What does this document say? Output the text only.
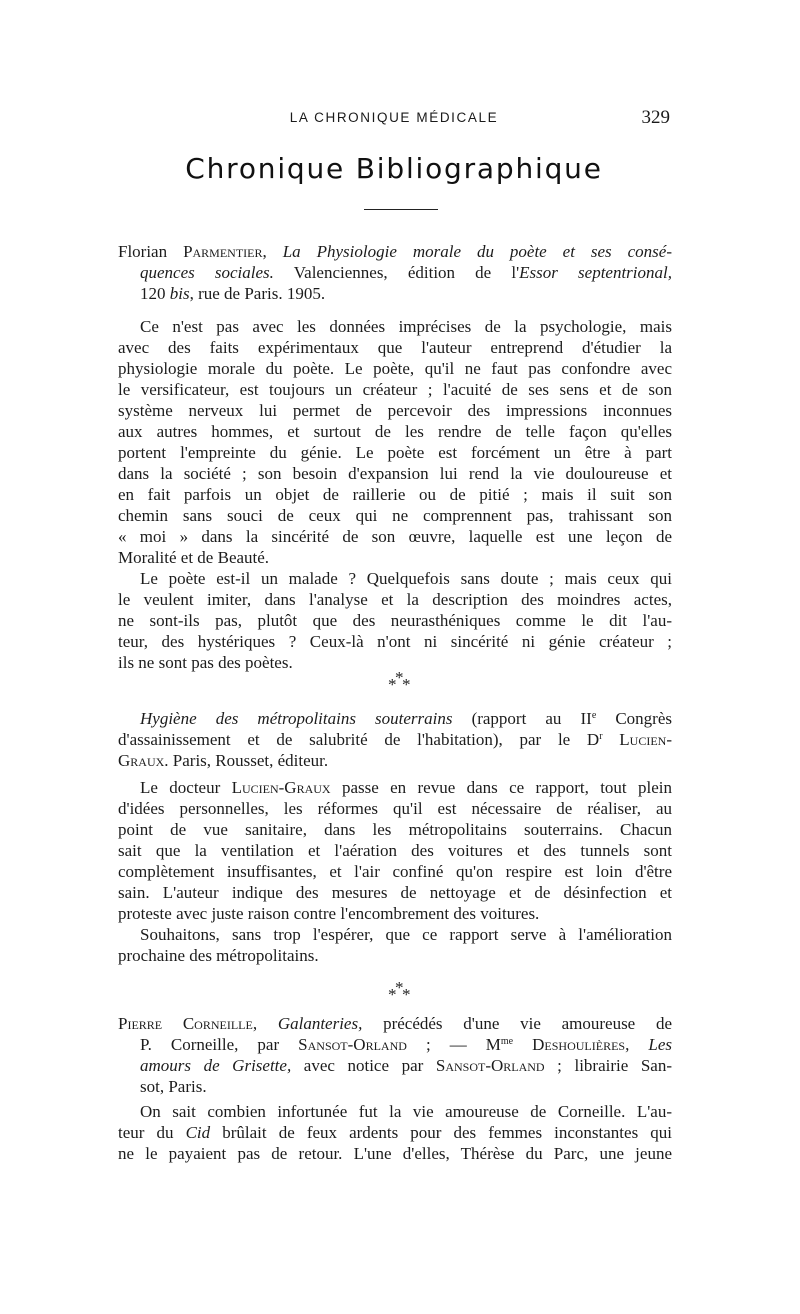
LA CHRONIQUE MÉDICALE	329
Chronique Bibliographique
Florian Parmentier, La Physiologie morale du poète et ses consé-
quences sociales. Valenciennes, édition de l'Essor septentrional,
120 bis, rue de Paris. 1905.
Ce n'est pas avec les données imprécises de la psychologie, mais
avec des faits expérimentaux que l'auteur entreprend d'étudier la
physiologie morale du poète. Le poète, qu'il ne faut pas confondre avec
le versificateur, est toujours un créateur ; l'acuité de ses sens et de son
système nerveux lui permet de percevoir des impressions inconnues
aux autres hommes, et surtout de les rendre de telle façon qu'elles
portent l'empreinte du génie. Le poète est forcément un être à part
dans la société ; son besoin d'expansion lui rend la vie douloureuse et
en fait parfois un objet de raillerie ou de pitié ; mais il suit son
chemin sans souci de ceux qui ne comprennent pas, trahissant son
« moi » dans la sincérité de son œuvre, laquelle est une leçon de
Moralité et de Beauté.
Le poète est-il un malade ? Quelquefois sans doute ; mais ceux qui
le veulent imiter, dans l'analyse et la description des moindres actes,
ne sont-ils pas, plutôt que des neurasthéniques comme le dit l'au-
teur, des hystériques ? Ceux-là n'ont ni sincérité ni génie créateur ;
ils ne sont pas des poètes.
*
*
*
Hygiène des métropolitains souterrains (rapport au IIe Congrès
d'assainissement et de salubrité de l'habitation), par le $D^r$ Lucien-
Graux. Paris, Rousset, éditeur.
Le docteur Lucien-Graux passe en revue dans ce rapport, tout plein
d'idées personnelles, les réformes qu'il est nécessaire de réaliser, au
point de vue sanitaire, dans les métropolitains souterrains. Chacun
sait que la ventilation et l'aération des voitures et des tunnels sont
complètement insuffisantes, et l'air confiné qu'on respire est loin d'être
sain. L'auteur indique des mesures de nettoyage et de désinfection et
proteste avec juste raison contre l'encombrement des voitures.
Souhaitons, sans trop l'espérer, que ce rapport serve à l'amélioration
prochaine des métropolitains.
*
*
*
Pierre Corneille, Galanteries, précédés d'une vie amoureuse de
P. Corneille, par Sansot-Orland ; — $M^{me}$ Deshoulières, Les
amours de Grisette, avec notice par Sansot-Orland ; librairie San-
sot, Paris.
On sait combien infortunée fut la vie amoureuse de Corneille. L'au-
teur du Cid brûlait de feux ardents pour des femmes inconstantes qui
ne le payaient pas de retour. L'une d'elles, Thérèse du Parc, une jeune
